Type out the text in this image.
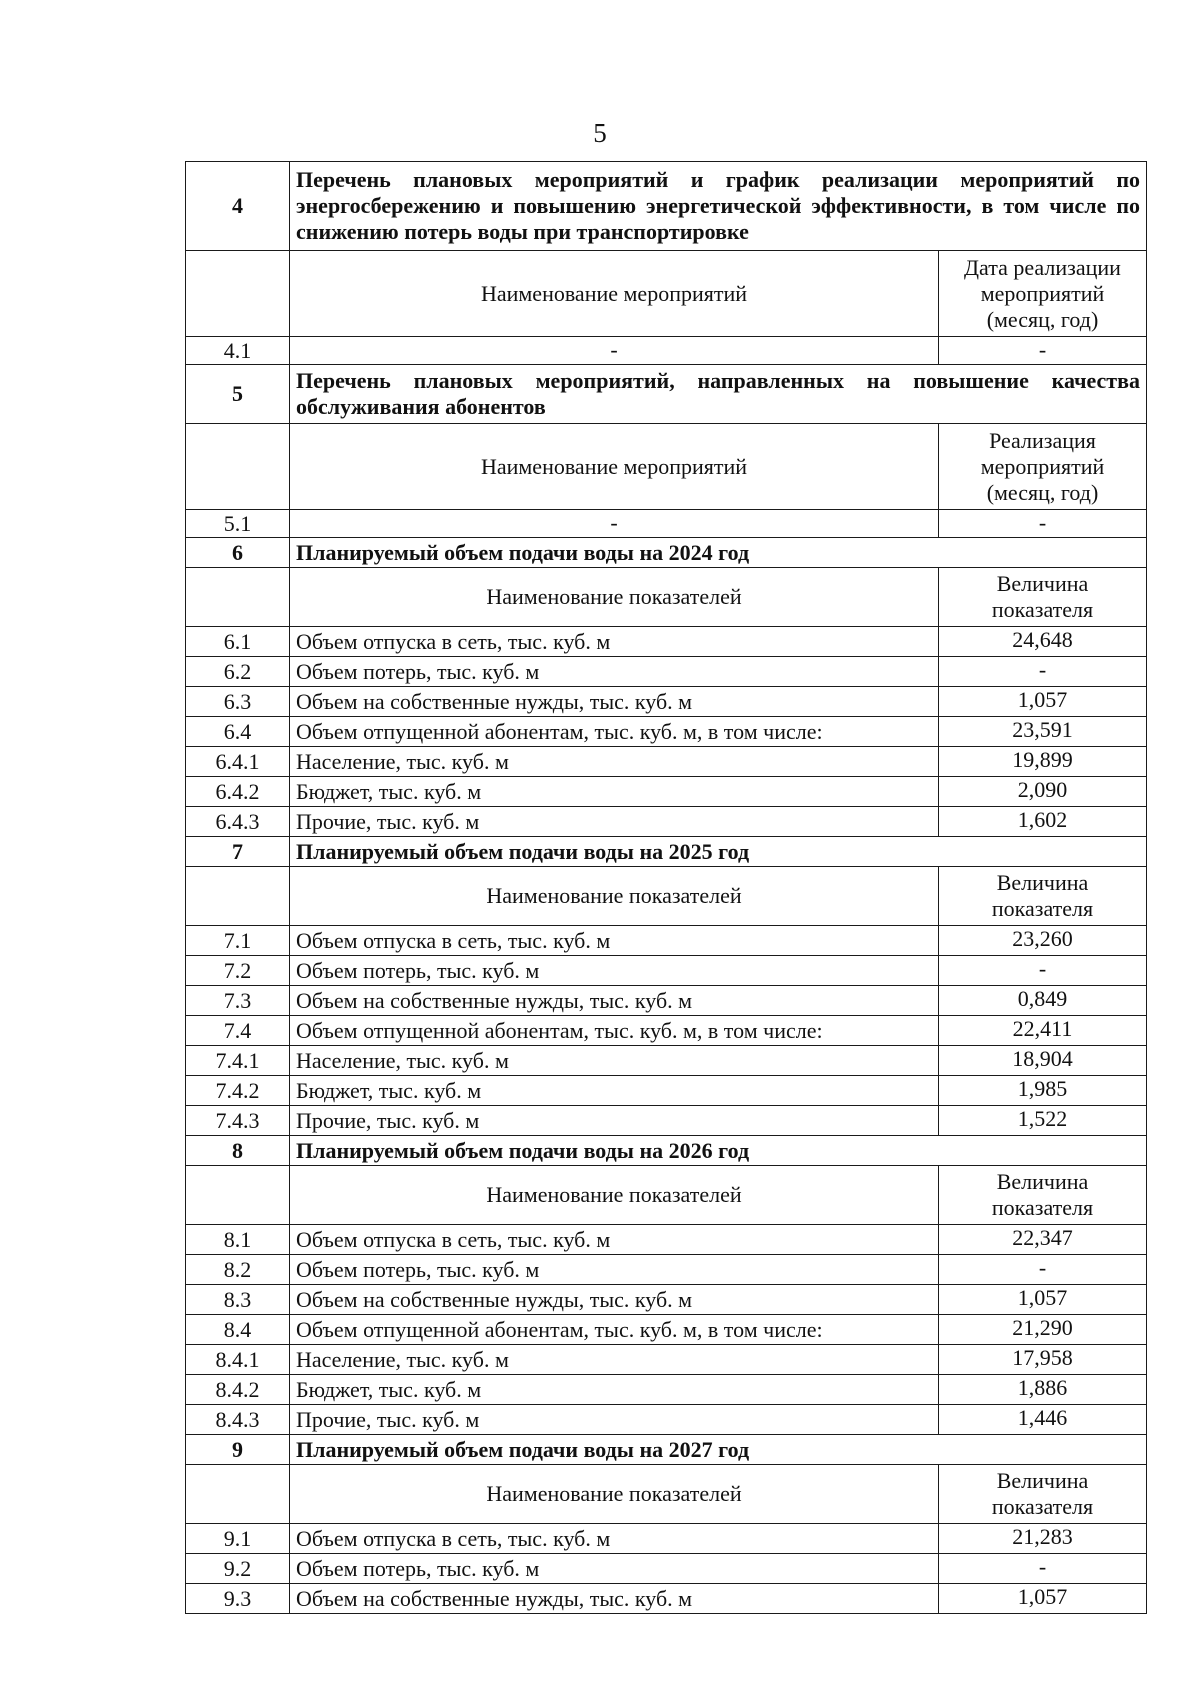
5
4	Перечень плановых мероприятий и график реализации мероприятий по энергосбережению и повышению энергетической эффективности, в том числе по снижению потерь воды при транспортировке	
	Наименование мероприятий	Дата реализации мероприятий (месяц, год)
4.1	-	-
5	Перечень плановых мероприятий, направленных на повышение качества обслуживания абонентов	
	Наименование мероприятий	Реализация мероприятий (месяц, год)
5.1	-	-
6	Планируемый объем подачи воды на 2024 год	
	Наименование показателей	Величина показателя
6.1	Объем отпуска в сеть, тыс. куб. м	24,648
6.2	Объем потерь, тыс. куб. м	-
6.3	Объем на собственные нужды, тыс. куб. м	1,057
6.4	Объем отпущенной абонентам, тыс. куб. м, в том числе:	23,591
6.4.1	Население, тыс. куб. м	19,899
6.4.2	Бюджет, тыс. куб. м	2,090
6.4.3	Прочие, тыс. куб. м	1,602
7	Планируемый объем подачи воды на 2025 год	
	Наименование показателей	Величина показателя
7.1	Объем отпуска в сеть, тыс. куб. м	23,260
7.2	Объем потерь, тыс. куб. м	-
7.3	Объем на собственные нужды, тыс. куб. м	0,849
7.4	Объем отпущенной абонентам, тыс. куб. м, в том числе:	22,411
7.4.1	Население, тыс. куб. м	18,904
7.4.2	Бюджет, тыс. куб. м	1,985
7.4.3	Прочие, тыс. куб. м	1,522
8	Планируемый объем подачи воды на 2026 год	
	Наименование показателей	Величина показателя
8.1	Объем отпуска в сеть, тыс. куб. м	22,347
8.2	Объем потерь, тыс. куб. м	-
8.3	Объем на собственные нужды, тыс. куб. м	1,057
8.4	Объем отпущенной абонентам, тыс. куб. м, в том числе:	21,290
8.4.1	Население, тыс. куб. м	17,958
8.4.2	Бюджет, тыс. куб. м	1,886
8.4.3	Прочие, тыс. куб. м	1,446
9	Планируемый объем подачи воды на 2027 год	
	Наименование показателей	Величина показателя
9.1	Объем отпуска в сеть, тыс. куб. м	21,283
9.2	Объем потерь, тыс. куб. м	-
9.3	Объем на собственные нужды, тыс. куб. м	1,057
